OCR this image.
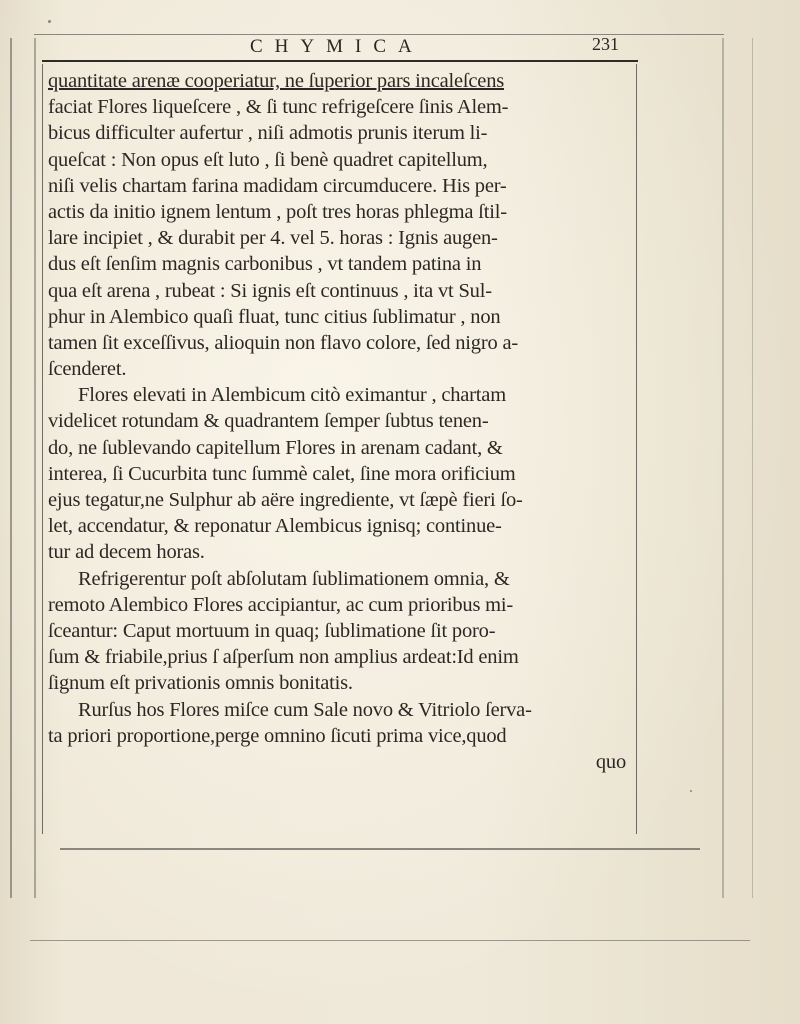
CHYMICA	231
quantitate arenæ cooperiatur, ne ſuperior pars incaleſcens
faciat Flores liqueſcere , & ſi tunc refrigeſcere ſinis Alem-
bicus difficulter aufertur , niſi admotis prunis iterum li-
queſcat : Non opus eſt luto , ſi benè quadret capitellum,
niſi velis chartam farina madidam circumducere. His per-
actis da initio ignem lentum , poſt tres horas phlegma ſtil-
lare incipiet , & durabit per 4. vel 5. horas : Ignis augen-
dus eſt ſenſim magnis carbonibus , vt tandem patina in
qua eſt arena , rubeat : Si ignis eſt continuus , ita vt Sul-
phur in Alembico quaſi fluat, tunc citius ſublimatur , non
tamen ſit exceſſivus, alioquin non flavo colore, ſed nigro a-
ſcenderet.
Flores elevati in Alembicum citò eximantur , chartam
videlicet rotundam & quadrantem ſemper ſubtus tenen-
do, ne ſublevando capitellum Flores in arenam cadant, &
interea, ſi Cucurbita tunc ſummè calet, ſine mora orificium
ejus tegatur,ne Sulphur ab aëre ingrediente, vt ſæpè fieri ſo-
let, accendatur, & reponatur Alembicus ignisq; continue-
tur ad decem horas.
Refrigerentur poſt abſolutam ſublimationem omnia, &
remoto Alembico Flores accipiantur, ac cum prioribus mi-
ſceantur: Caput mortuum in quaq; ſublimatione ſit poro-
ſum & friabile,prius ſ aſperſum non amplius ardeat:Id enim
ſignum eſt privationis omnis bonitatis.
Rurſus hos Flores miſce cum Sale novo & Vitriolo ſerva-
ta priori proportione,perge omnino ſicuti prima vice,quod
quo
